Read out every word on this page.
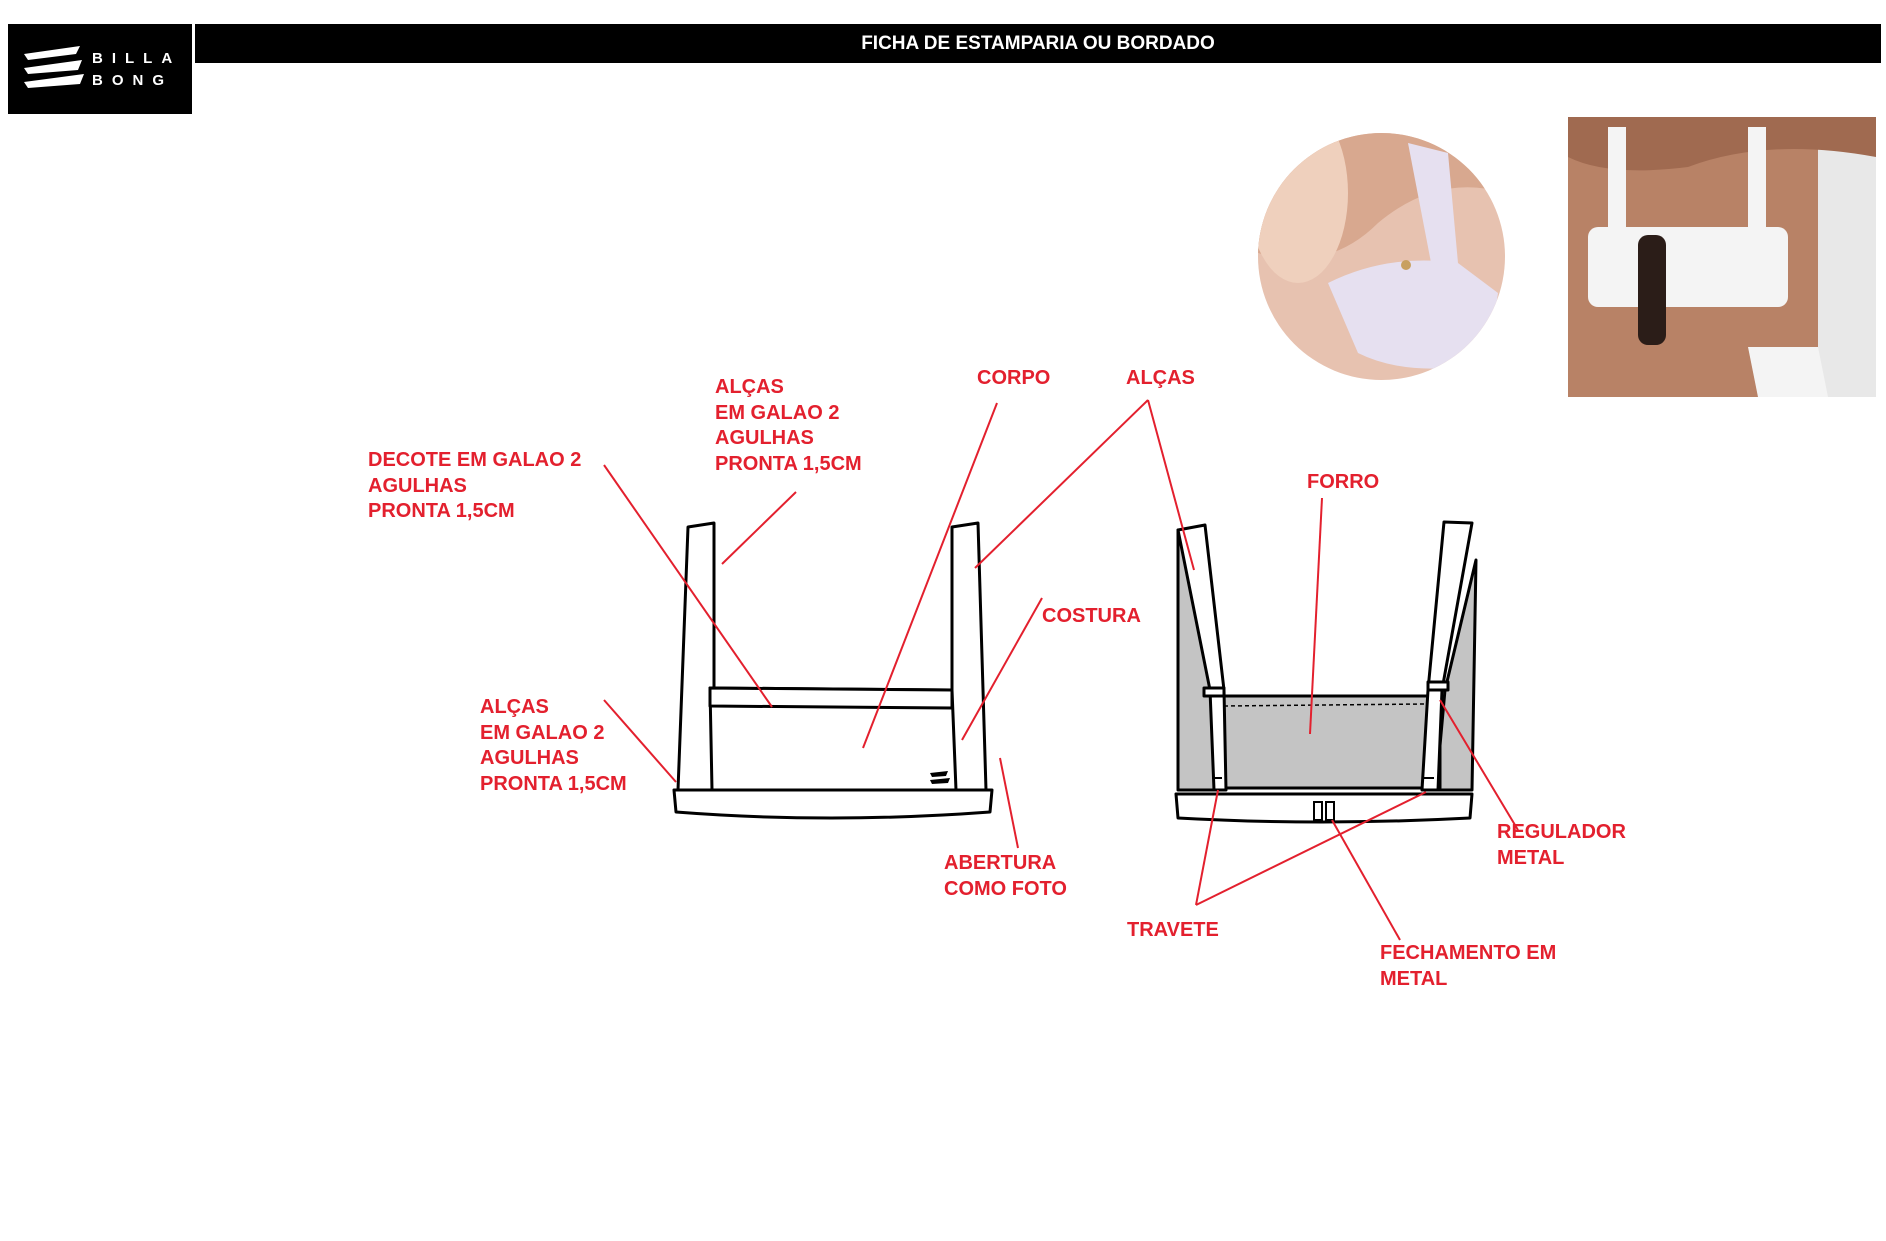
BILLA
BONG
FICHA DE ESTAMPARIA OU BORDADO
ALÇAS
EM GALAO 2
AGULHAS
PRONTA 1,5CM
CORPO	ALÇAS
DECOTE EM GALAO 2
AGULHAS
PRONTA 1,5CM
FORRO
COSTURA
ALÇAS
EM GALAO 2
AGULHAS
PRONTA 1,5CM
ABERTURA
COMO FOTO
REGULADOR
METAL
TRAVETE
FECHAMENTO EM
METAL
